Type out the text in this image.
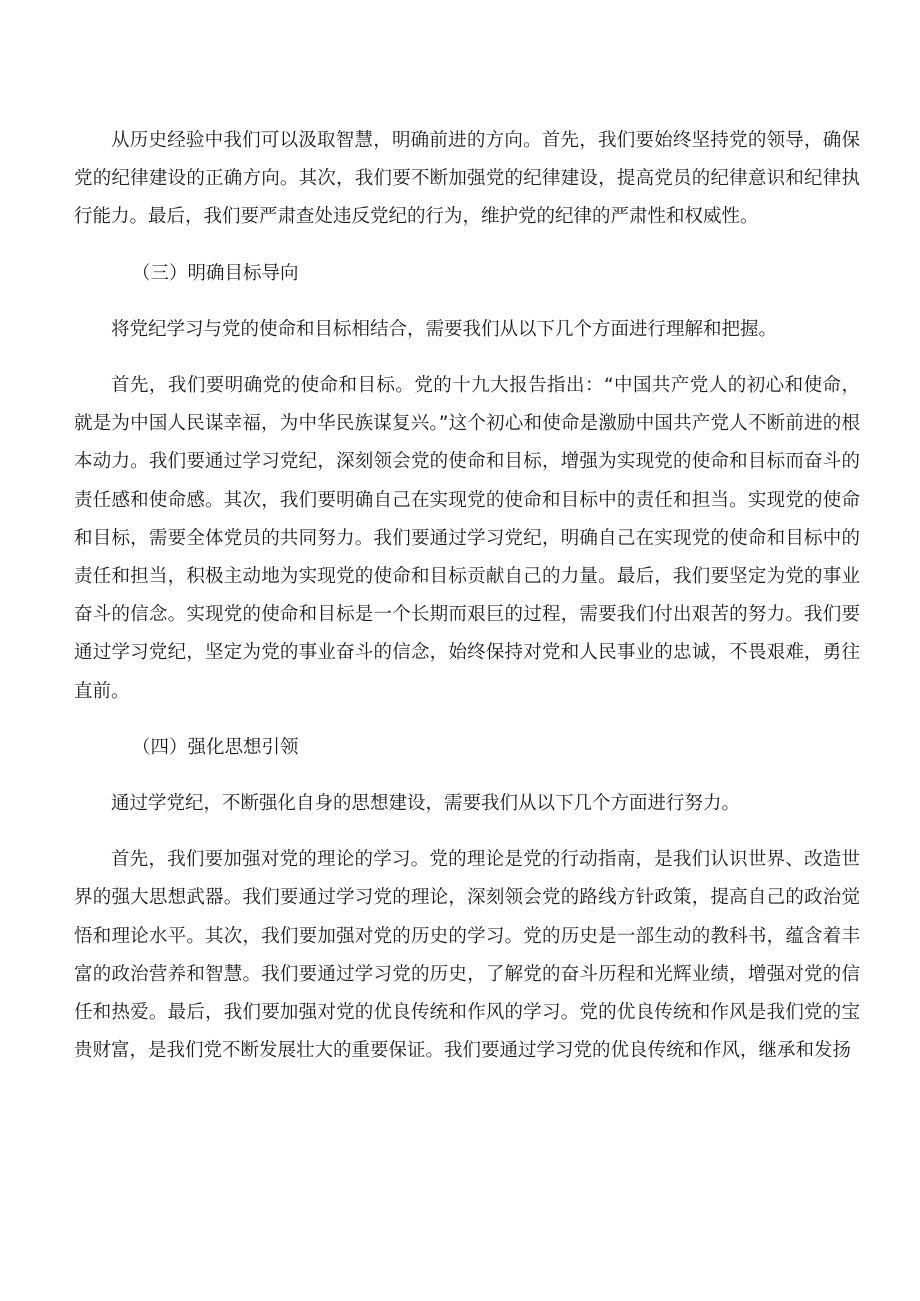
从历史经验中我们可以汲取智慧，明确前进的方向。首先，我们要始终坚持党的领导，确保党的纪律建设的正确方向。其次，我们要不断加强党的纪律建设，提高党员的纪律意识和纪律执行能力。最后，我们要严肃查处违反党纪的行为，维护党的纪律的严肃性和权威性。

（三）明确目标导向

将党纪学习与党的使命和目标相结合，需要我们从以下几个方面进行理解和把握。

首先，我们要明确党的使命和目标。党的十九大报告指出：“中国共产党人的初心和使命，就是为中国人民谋幸福，为中华民族谋复兴。”这个初心和使命是激励中国共产党人不断前进的根本动力。我们要通过学习党纪，深刻领会党的使命和目标，增强为实现党的使命和目标而奋斗的责任感和使命感。其次，我们要明确自己在实现党的使命和目标中的责任和担当。实现党的使命和目标，需要全体党员的共同努力。我们要通过学习党纪，明确自己在实现党的使命和目标中的责任和担当，积极主动地为实现党的使命和目标贡献自己的力量。最后，我们要坚定为党的事业奋斗的信念。实现党的使命和目标是一个长期而艰巨的过程，需要我们付出艰苦的努力。我们要通过学习党纪，坚定为党的事业奋斗的信念，始终保持对党和人民事业的忠诚，不畏艰难，勇往直前。

（四）强化思想引领

通过学党纪，不断强化自身的思想建设，需要我们从以下几个方面进行努力。

首先，我们要加强对党的理论的学习。党的理论是党的行动指南，是我们认识世界、改造世界的强大思想武器。我们要通过学习党的理论，深刻领会党的路线方针政策，提高自己的政治觉悟和理论水平。其次，我们要加强对党的历史的学习。党的历史是一部生动的教科书，蕴含着丰富的政治营养和智慧。我们要通过学习党的历史，了解党的奋斗历程和光辉业绩，增强对党的信任和热爱。最后，我们要加强对党的优良传统和作风的学习。党的优良传统和作风是我们党的宝贵财富，是我们党不断发展壮大的重要保证。我们要通过学习党的优良传统和作风，继承和发扬
